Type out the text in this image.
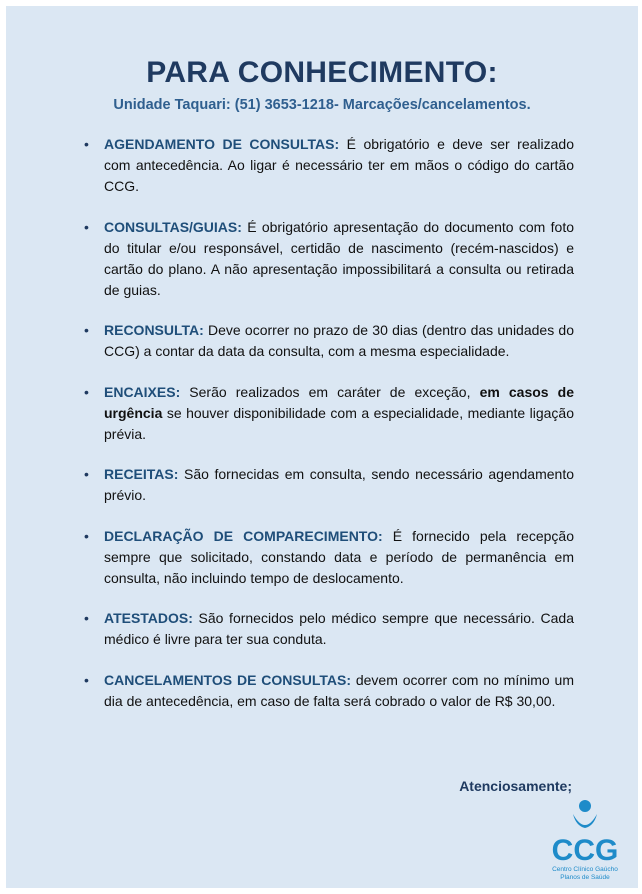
PARA CONHECIMENTO:
Unidade Taquari: (51) 3653-1218- Marcações/cancelamentos.
• AGENDAMENTO DE CONSULTAS: É obrigatório e deve ser realizado com antecedência. Ao ligar é necessário ter em mãos o código do cartão CCG.
• CONSULTAS/GUIAS: É obrigatório apresentação do documento com foto do titular e/ou responsável, certidão de nascimento (recém-nascidos) e cartão do plano. A não apresentação impossibilitará a consulta ou retirada de guias.
• RECONSULTA: Deve ocorrer no prazo de 30 dias (dentro das unidades do CCG) a contar da data da consulta, com a mesma especialidade.
• ENCAIXES: Serão realizados em caráter de exceção, em casos de urgência se houver disponibilidade com a especialidade, mediante ligação prévia.
• RECEITAS: São fornecidas em consulta, sendo necessário agendamento prévio.
• DECLARAÇÃO DE COMPARECIMENTO: É fornecido pela recepção sempre que solicitado, constando data e período de permanência em consulta, não incluindo tempo de deslocamento.
• ATESTADOS: São fornecidos pelo médico sempre que necessário. Cada médico é livre para ter sua conduta.
• CANCELAMENTOS DE CONSULTAS: devem ocorrer com no mínimo um dia de antecedência, em caso de falta será cobrado o valor de R$ 30,00.
Atenciosamente;
CCG
Centro Clínico Gaúcho
Planos de Saúde
